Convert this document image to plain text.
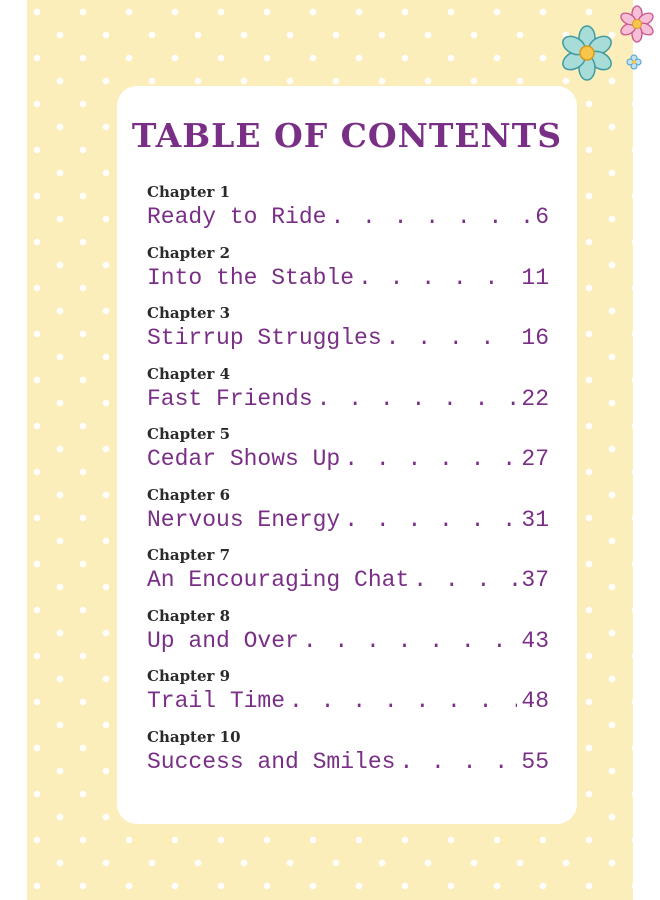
TABLE OF CONTENTS
Chapter 1
Ready to Ride . . .	6
Chapter 2
Into the Stable . . .	11
Chapter 3
Stirrup Struggles . . .	16
Chapter 4
Fast Friends . . .	22
Chapter 5
Cedar Shows Up . . .	27
Chapter 6
Nervous Energy . . .	31
Chapter 7
An Encouraging Chat . . .	37
Chapter 8
Up and Over . . .	43
Chapter 9
Trail Time . . .	48
Chapter 10
Success and Smiles . . .	55
